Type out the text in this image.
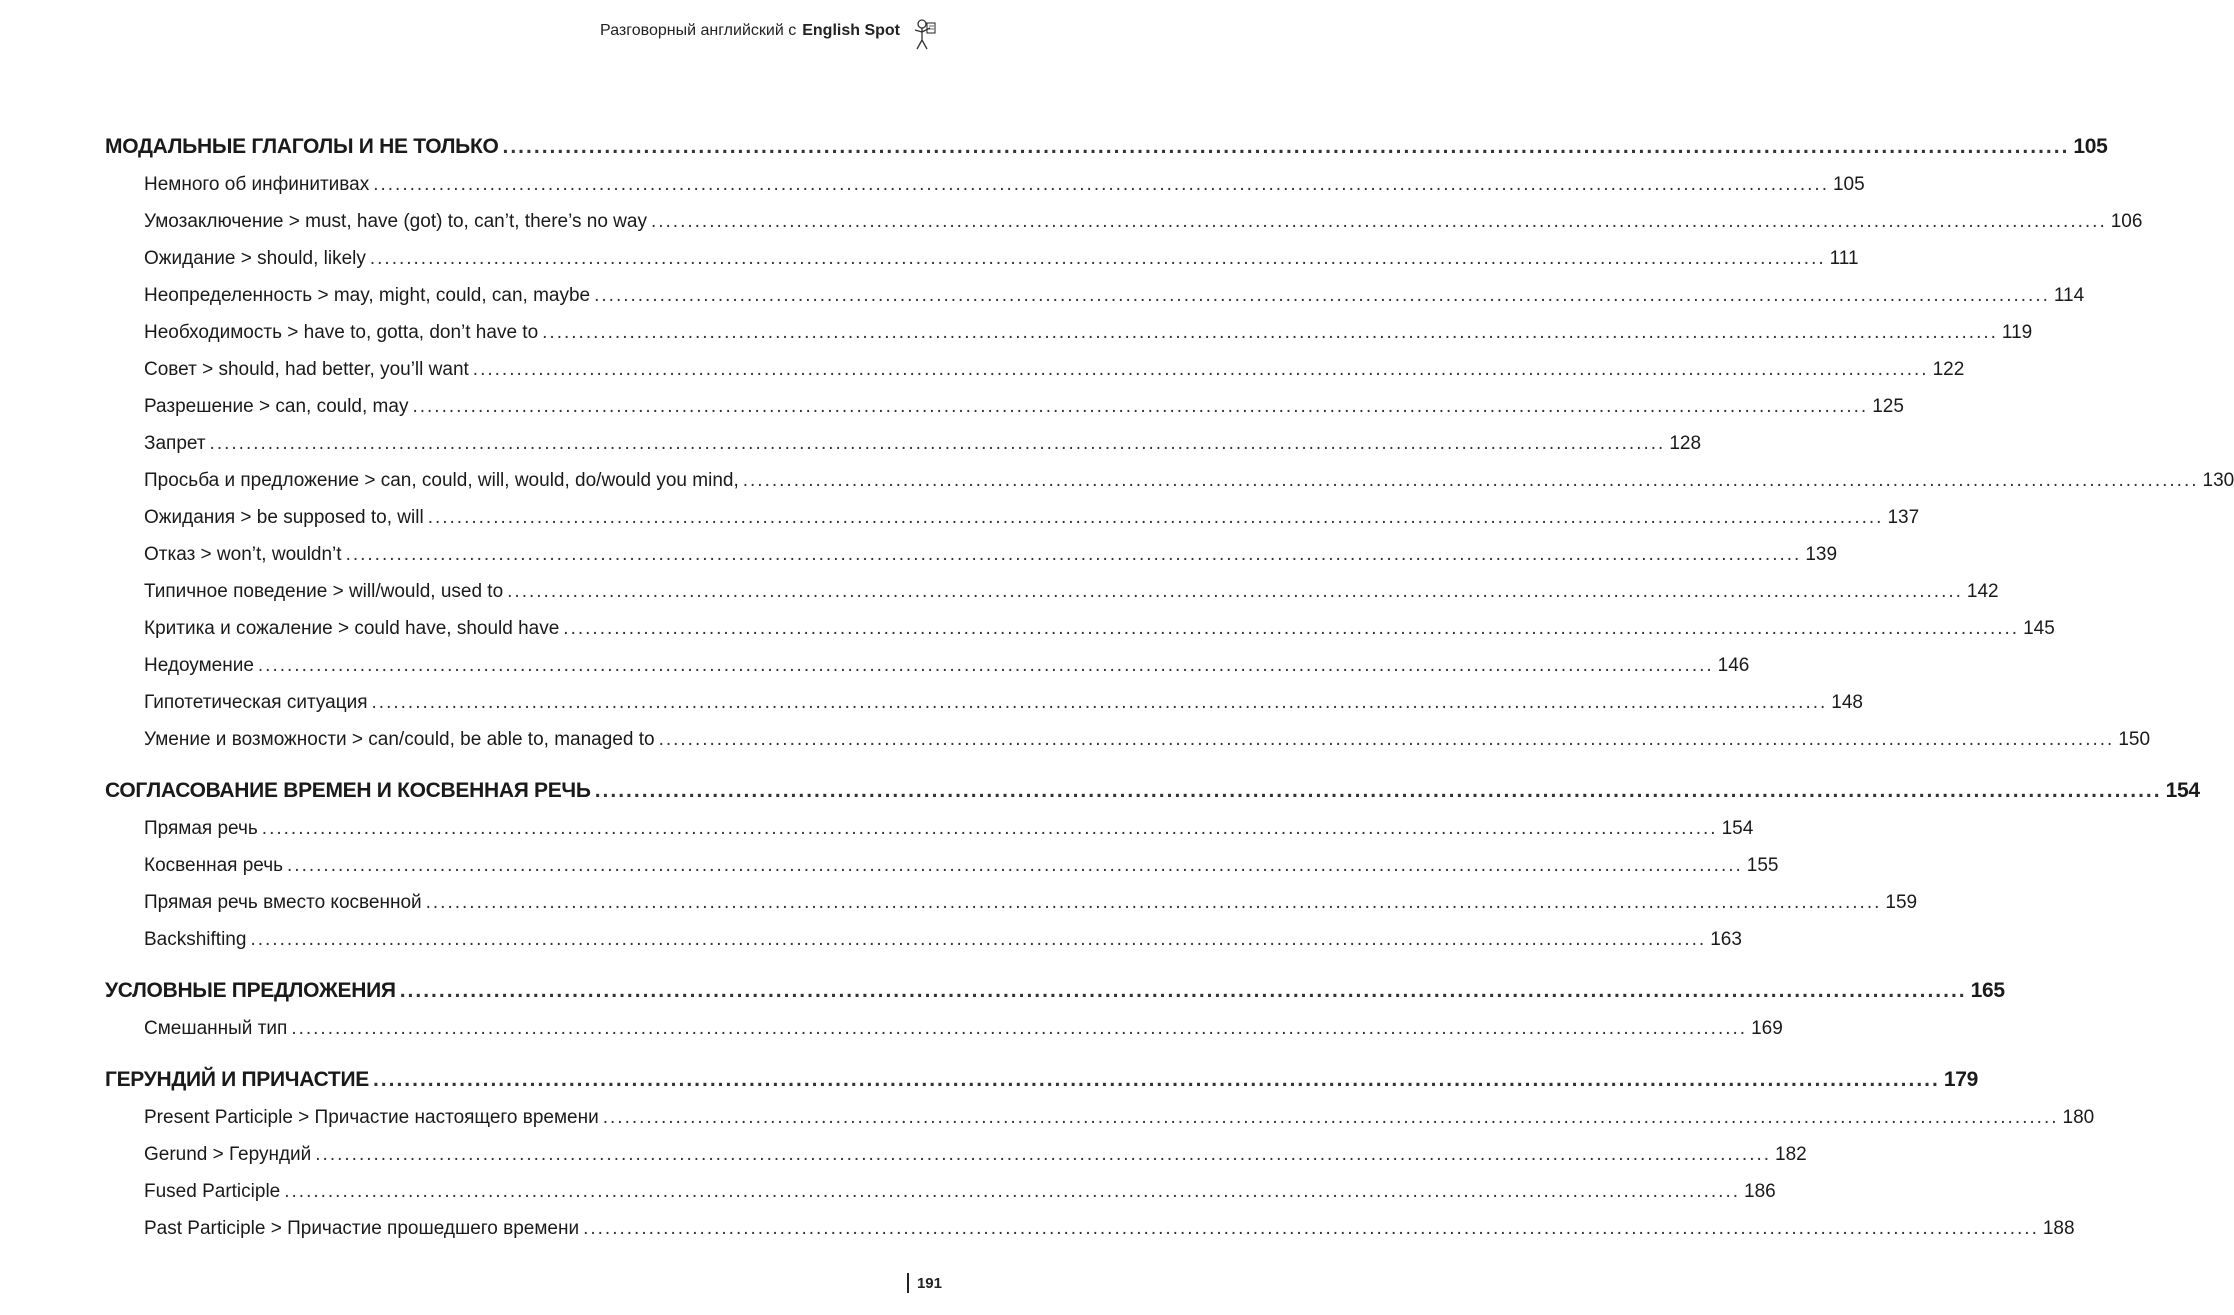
Разговорный английский с English Spot
МОДАЛЬНЫЕ ГЛАГОЛЫ И НЕ ТОЛЬКО ........................................................................................................................................................................................................ 105
Немного об инфинитивах ........................................................................................................................................................................................................ 105
Умозаключение > must, have (got) to, can’t, there’s no way ........................................................................................................................................................................................................ 106
Ожидание > should, likely ........................................................................................................................................................................................................ 111
Неопределенность > may, might, could, can, maybe ........................................................................................................................................................................................................ 114
Необходимость > have to, gotta, don’t have to ........................................................................................................................................................................................................ 119
Совет > should, had better, you’ll want ........................................................................................................................................................................................................ 122
Разрешение > can, could, may ........................................................................................................................................................................................................ 125
Запрет ........................................................................................................................................................................................................ 128
Просьба и предложение > can, could, will, would, do/would you mind, ........................................................................................................................................................................................................ 130
Ожидания > be supposed to, will ........................................................................................................................................................................................................ 137
Отказ > won’t, wouldn’t ........................................................................................................................................................................................................ 139
Типичное поведение > will/would, used to ........................................................................................................................................................................................................ 142
Критика и сожаление > could have, should have ........................................................................................................................................................................................................ 145
Недоумение ........................................................................................................................................................................................................ 146
Гипотетическая ситуация ........................................................................................................................................................................................................ 148
Умение и возможности > can/could, be able to, managed to ........................................................................................................................................................................................................ 150
СОГЛАСОВАНИЕ ВРЕМЕН И КОСВЕННАЯ РЕЧЬ ........................................................................................................................................................................................................ 154
Прямая речь ........................................................................................................................................................................................................ 154
Косвенная речь ........................................................................................................................................................................................................ 155
Прямая речь вместо косвенной ........................................................................................................................................................................................................ 159
Backshifting ........................................................................................................................................................................................................ 163
УСЛОВНЫЕ ПРЕДЛОЖЕНИЯ ........................................................................................................................................................................................................ 165
Смешанный тип ........................................................................................................................................................................................................ 169
ГЕРУНДИЙ И ПРИЧАСТИЕ ........................................................................................................................................................................................................ 179
Present Participle > Причастие настоящего времени ........................................................................................................................................................................................................ 180
Gerund > Герундий ........................................................................................................................................................................................................ 182
Fused Participle ........................................................................................................................................................................................................ 186
Past Participle > Причастие прошедшего времени ........................................................................................................................................................................................................ 188
191
